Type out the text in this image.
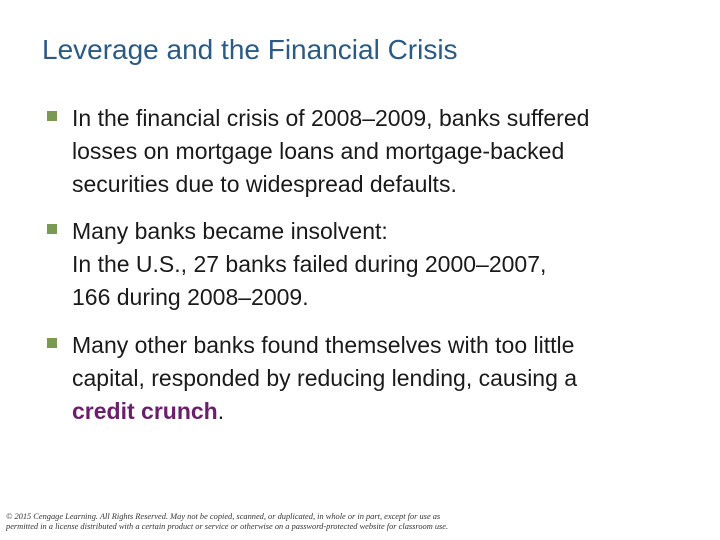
Leverage and the Financial Crisis
In the financial crisis of 2008–2009, banks suffered
losses on mortgage loans and mortgage-backed
securities due to widespread defaults.
Many banks became insolvent:
In the U.S., 27 banks failed during 2000–2007,
166 during 2008–2009.
Many other banks found themselves with too little
capital, responded by reducing lending, causing a
credit crunch.
© 2015 Cengage Learning. All Rights Reserved. May not be copied, scanned, or duplicated, in whole or in part, except for use as
permitted in a license distributed with a certain product or service or otherwise on a password-protected website for classroom use.
